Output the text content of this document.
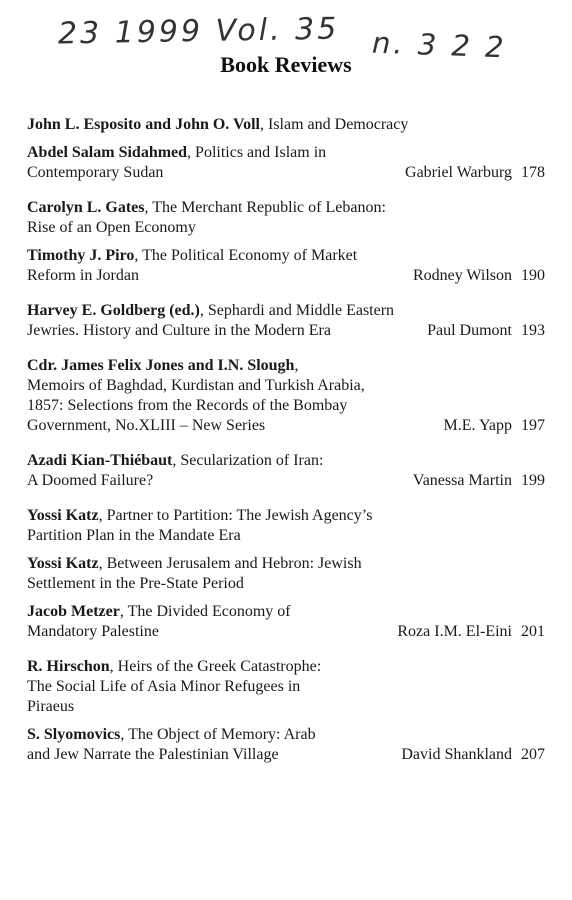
23 1999 Vol. 35 n. 3 2 2
Book Reviews
John L. Esposito and John O. Voll, Islam and Democracy
Abdel Salam Sidahmed, Politics and Islam in
Contemporary Sudan	Gabriel Warburg 178
Carolyn L. Gates, The Merchant Republic of Lebanon:
Rise of an Open Economy
Timothy J. Piro, The Political Economy of Market
Reform in Jordan	Rodney Wilson 190
Harvey E. Goldberg (ed.), Sephardi and Middle Eastern
Jewries. History and Culture in the Modern Era	Paul Dumont 193
Cdr. James Felix Jones and I.N. Slough,
Memoirs of Baghdad, Kurdistan and Turkish Arabia,
1857: Selections from the Records of the Bombay
Government, No.XLIII – New Series	M.E. Yapp 197
Azadi Kian-Thiébaut, Secularization of Iran:
A Doomed Failure?	Vanessa Martin 199
Yossi Katz, Partner to Partition: The Jewish Agency’s
Partition Plan in the Mandate Era
Yossi Katz, Between Jerusalem and Hebron: Jewish
Settlement in the Pre-State Period
Jacob Metzer, The Divided Economy of
Mandatory Palestine	Roza I.M. El-Eini 201
R. Hirschon, Heirs of the Greek Catastrophe:
The Social Life of Asia Minor Refugees in
Piraeus
S. Slyomovics, The Object of Memory: Arab
and Jew Narrate the Palestinian Village	David Shankland 207
